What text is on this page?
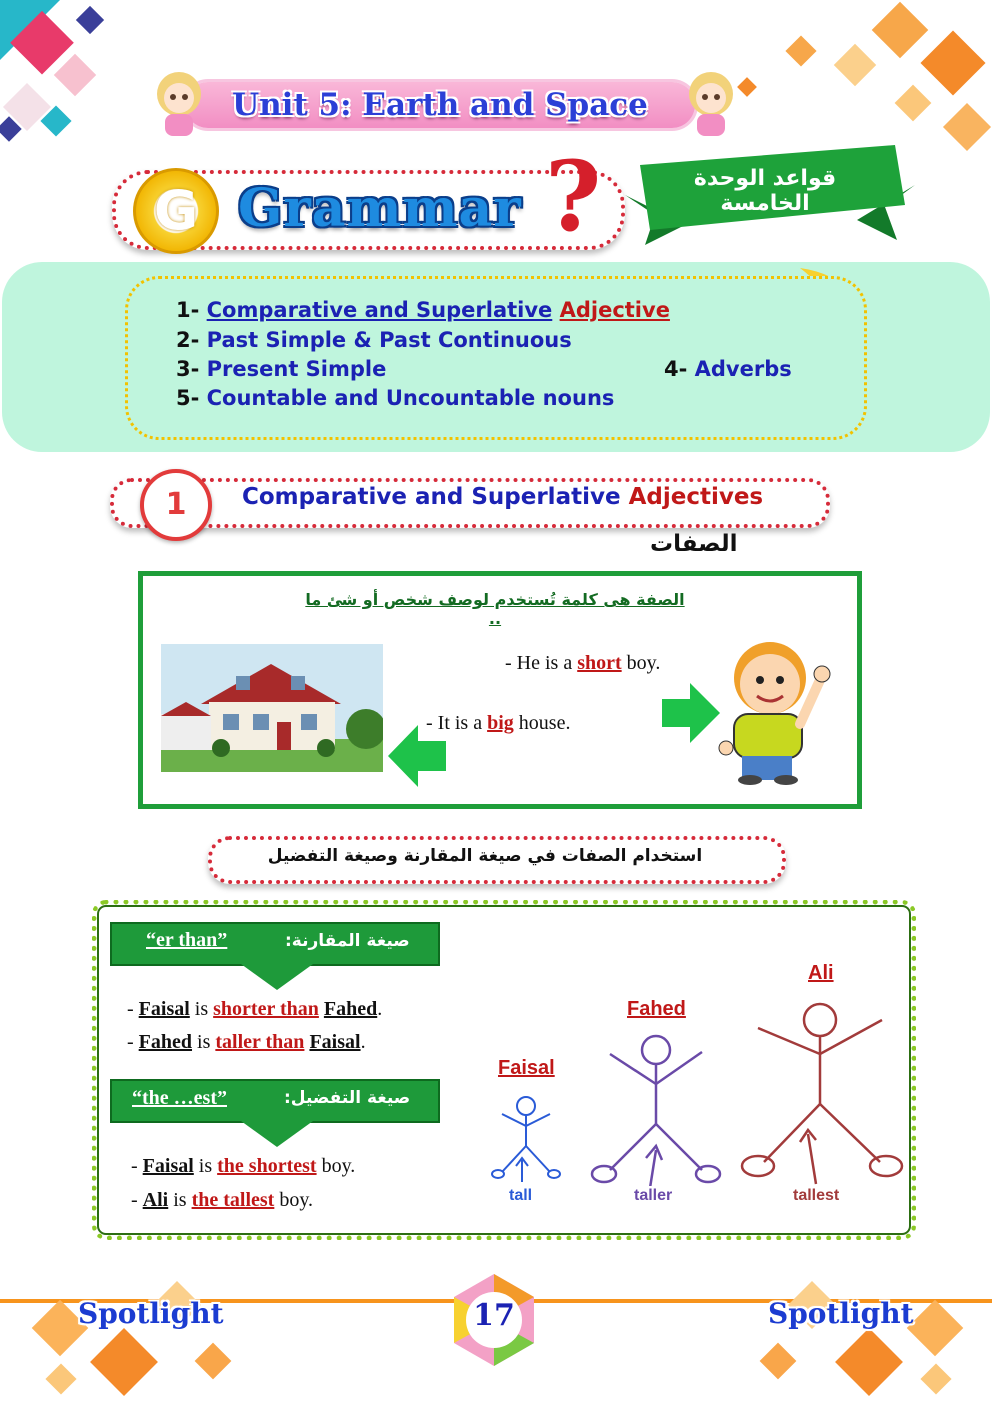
Unit 5: Earth and Space
G Grammar ?	قواعد الوحدة الخامسة
1- Comparative and Superlative Adjective
2- Past Simple & Past Continuous
3- Present Simple	4- Adverbs
5- Countable and Uncountable nouns
1	Comparative and Superlative Adjectives
الصفات
الصفة هى كلمة تُستخدم لوصف شخص أو شئ ما ..
- He is a short boy.
- It is a big house.
استخدام الصفات في صيغة المقارنة وصيغة التفضيل
“er than”	صيغة المقارنة:
- Faisal is shorter than Fahed.
- Fahed is taller than Faisal.
“the …est”	صيغة التفضيل:
- Faisal is the shortest boy.
- Ali is the tallest boy.
Faisal
tall
Fahed
taller
Ali
tallest
Spotlight	Spotlight
17
